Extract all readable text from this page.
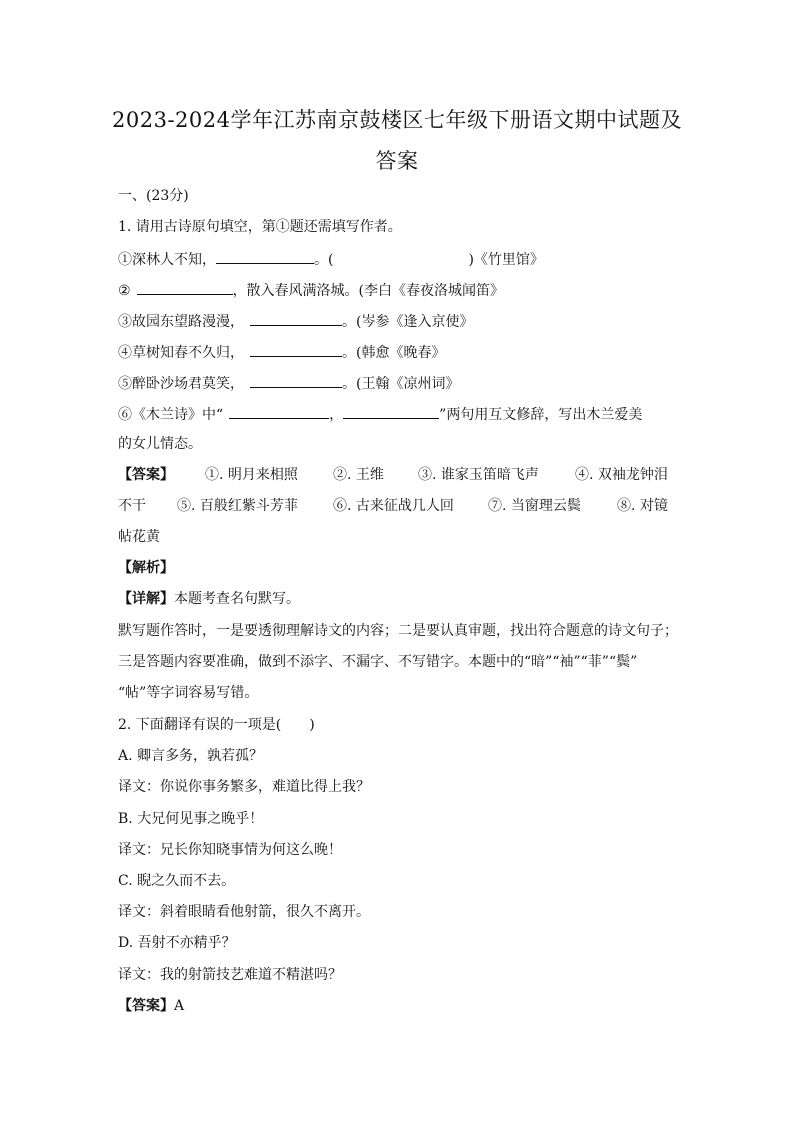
2023-2024学年江苏南京鼓楼区七年级下册语文期中试题及
答案
一、(23分)
1. 请用古诗原句填空，第①题还需填写作者。
①深林人不知，	。(	)《竹里馆》
②	，散入春风满洛城。(李白《春夜洛城闻笛》
③故园东望路漫漫，	。(岑参《逢入京使》
④草树知春不久归，	。(韩愈《晚春》
⑤醉卧沙场君莫笑，	。(王翰《凉州词》
⑥《木兰诗》中“	，	”两句用互文修辞，写出木兰爱美
的女儿情态。
【答案】 ①. 明月来相照	②. 王维 ③. 谁家玉笛暗飞声	④. 双袖龙钟泪
不干 ⑤. 百般红紫斗芳菲	⑥. 古来征战几人回 ⑦. 当窗理云鬓	⑧. 对镜
帖花黄
【解析】
【详解】本题考查名句默写。
默写题作答时，一是要透彻理解诗文的内容；二是要认真审题，找出符合题意的诗文句子；
三是答题内容要准确，做到不添字、不漏字、不写错字。本题中的“暗”“袖”“菲”“鬓”
“帖”等字词容易写错。
2. 下面翻译有误的一项是(　　)
A. 卿言多务，孰若孤？
译文：你说你事务繁多，难道比得上我？
B. 大兄何见事之晚乎！
译文：兄长你知晓事情为何这么晚！
C. 睨之久而不去。
译文：斜着眼睛看他射箭，很久不离开。
D. 吾射不亦精乎？
译文：我的射箭技艺难道不精湛吗？
【答案】A
